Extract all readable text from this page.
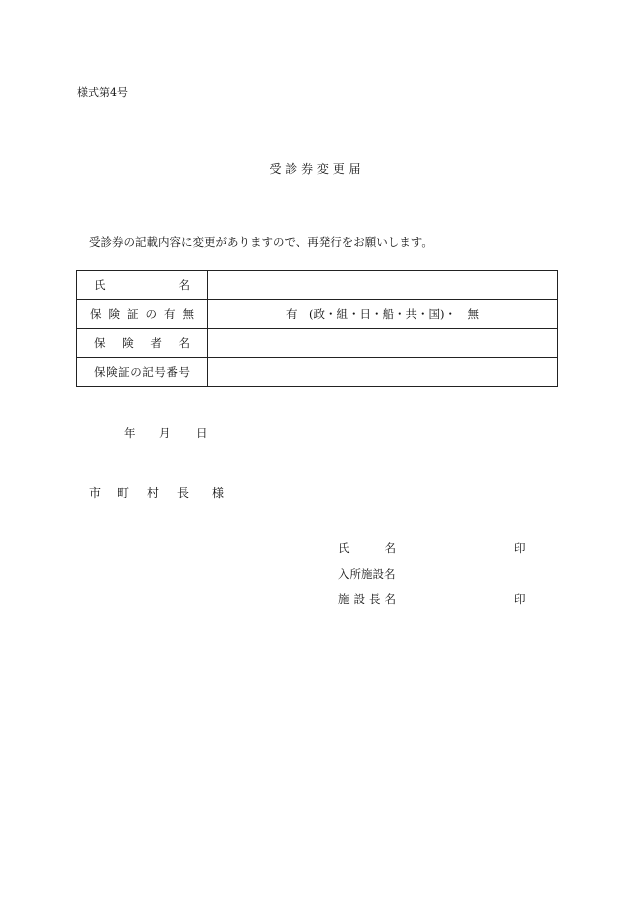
様式第4号
受 診 券 変 更 届
受診券の記載内容に変更がありますので、再発行をお願いします。
氏　　名	
保険証の有無	有　(政・組・日・船・共・国)・　無
保険者名	
保険証の記号番号	
年 月 日
市 町 村 長 様
氏　　名	印
入所施設名
施設長名	印
